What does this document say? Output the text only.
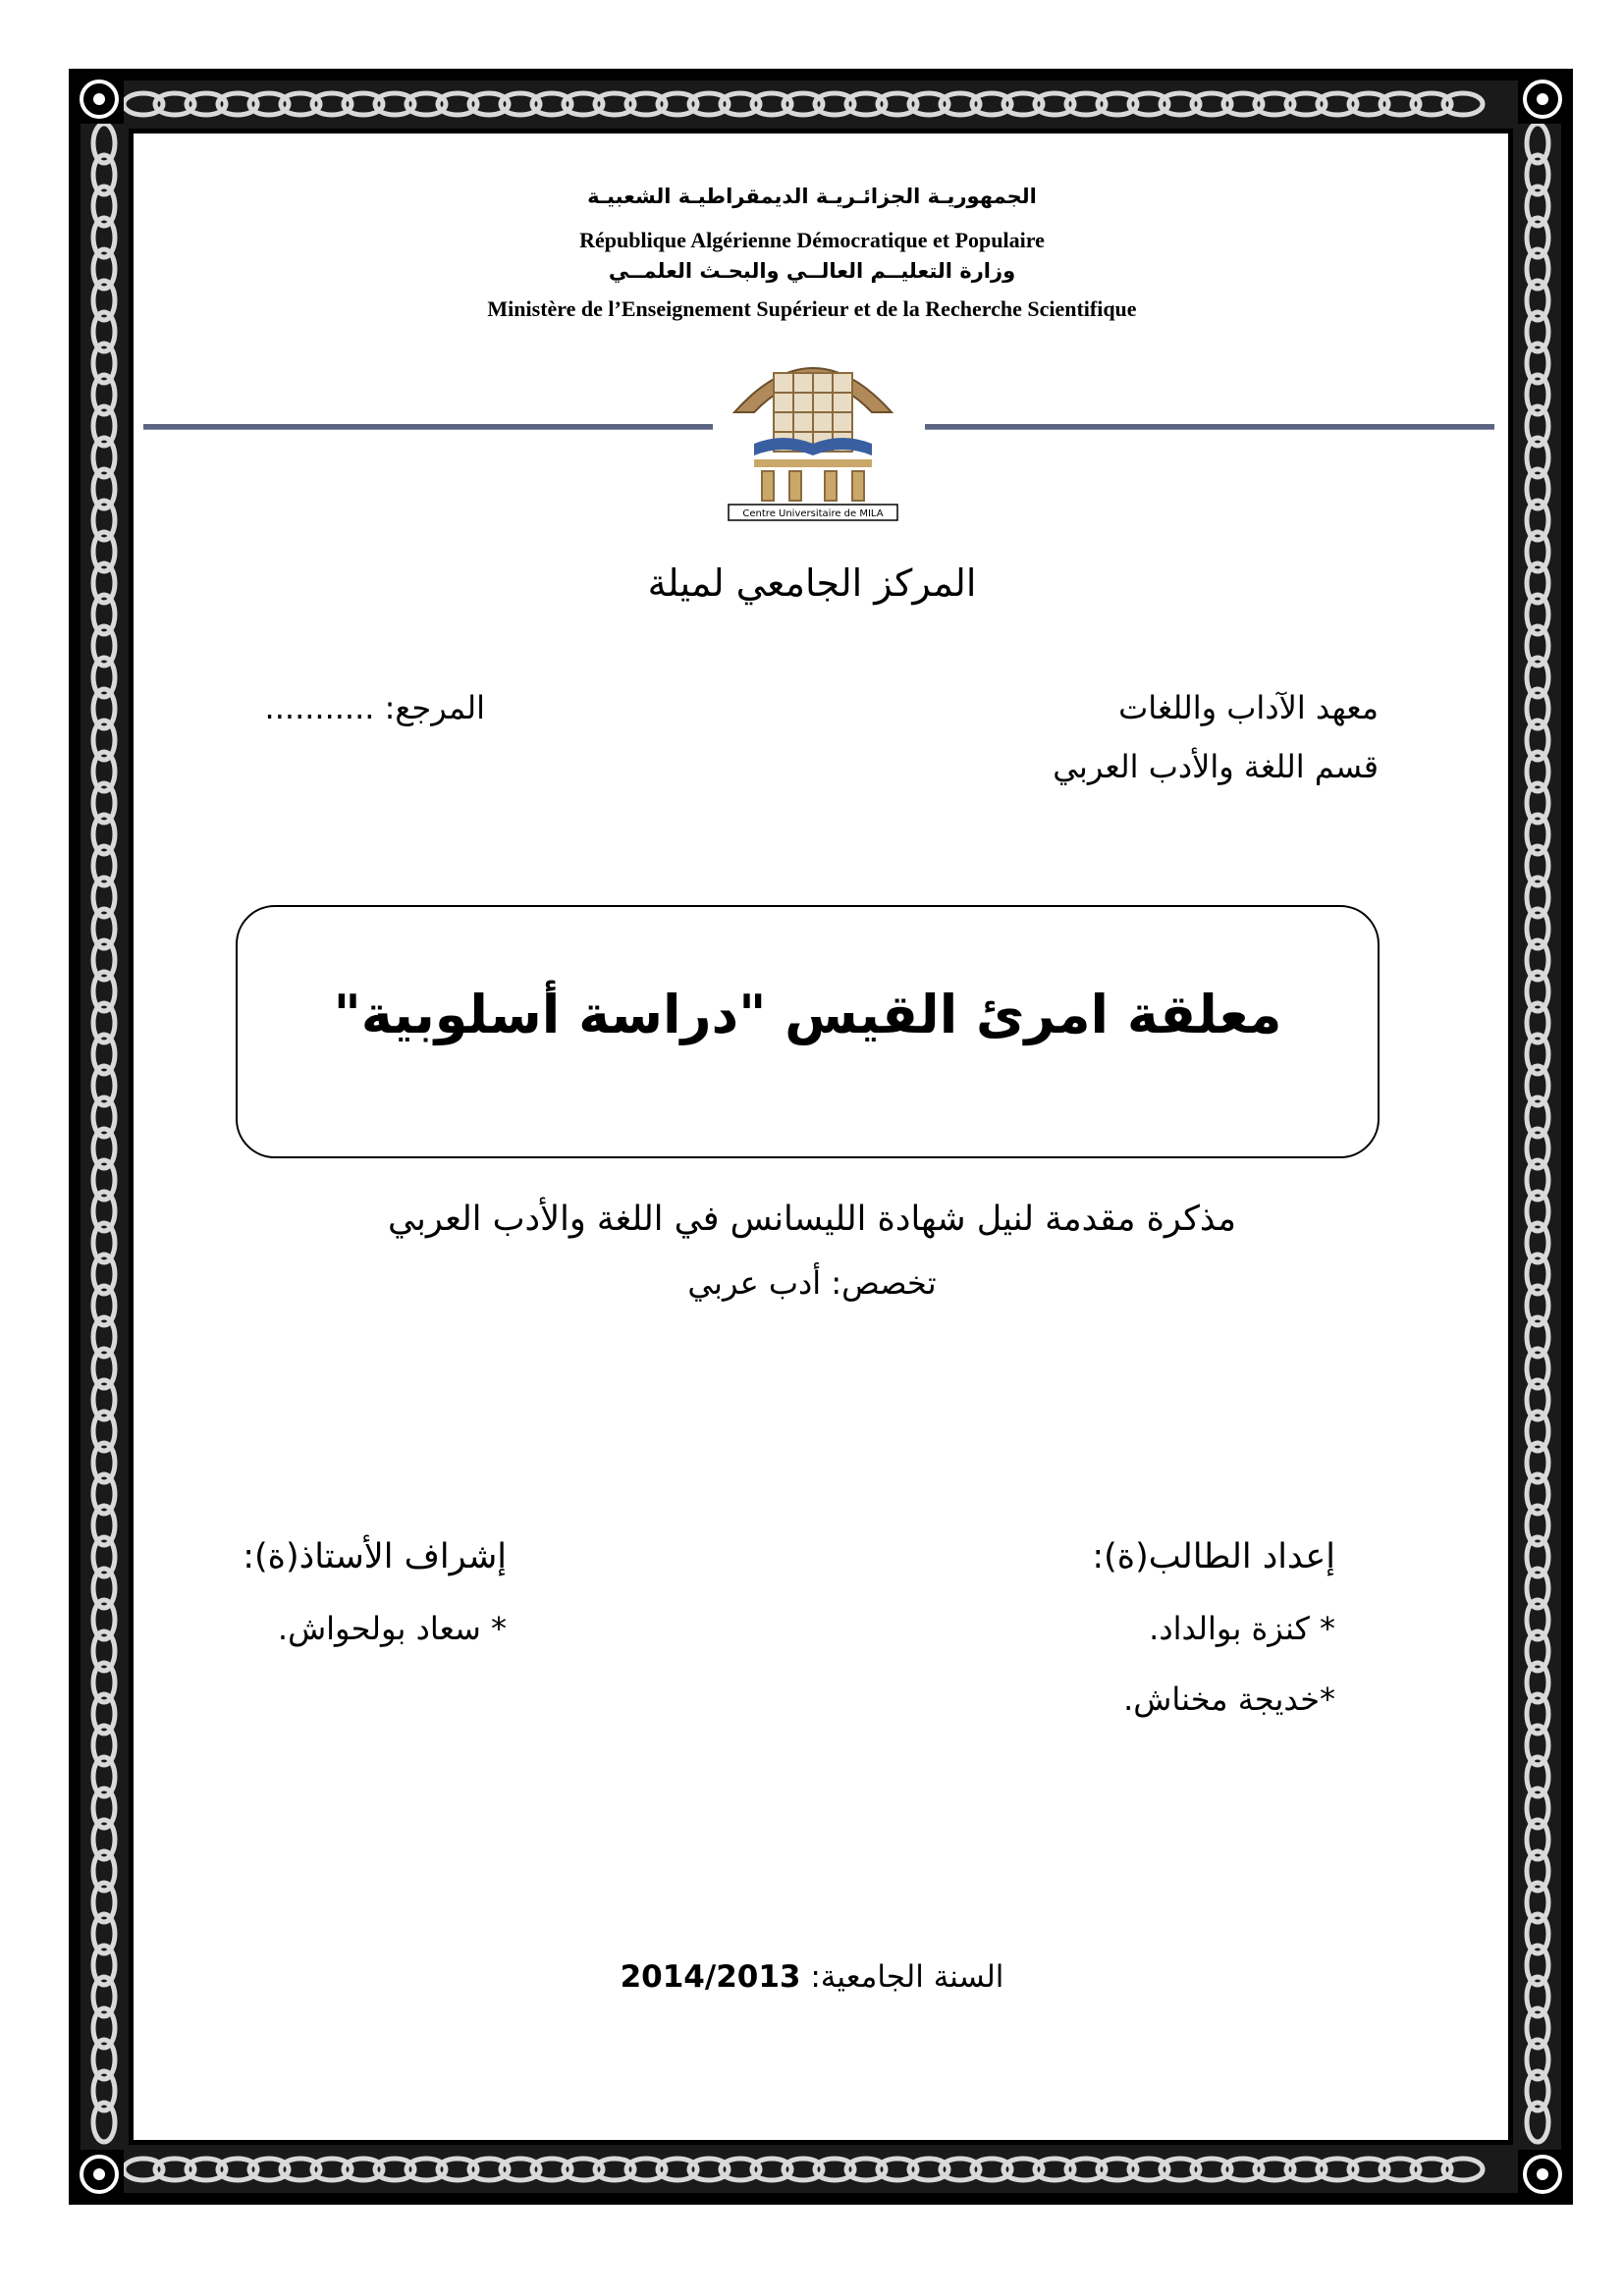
الجمهوريـة الجزائـريـة الديمقراطيـة الشعبيـة
République Algérienne Démocratique et Populaire
وزارة التعليــم العالــي والبحـث العلمــي
Ministère de l’Enseignement Supérieur et de la Recherche Scientifique
Centre Universitaire de MILA
المركز الجامعي لميلة
معهد الآداب واللغات
قسم اللغة والأدب العربي
المرجع: ...........
معلقة امرئ القيس "دراسة أسلوبية"
مذكرة مقدمة لنيل شهادة الليسانس في اللغة والأدب العربي
تخصص: أدب عربي
إعداد الطالب(ة):
* كنزة بوالداد.
*خديجة مخناش.
إشراف الأستاذ(ة):
* سعاد بولحواش.
السنة الجامعية: 2014/2013
